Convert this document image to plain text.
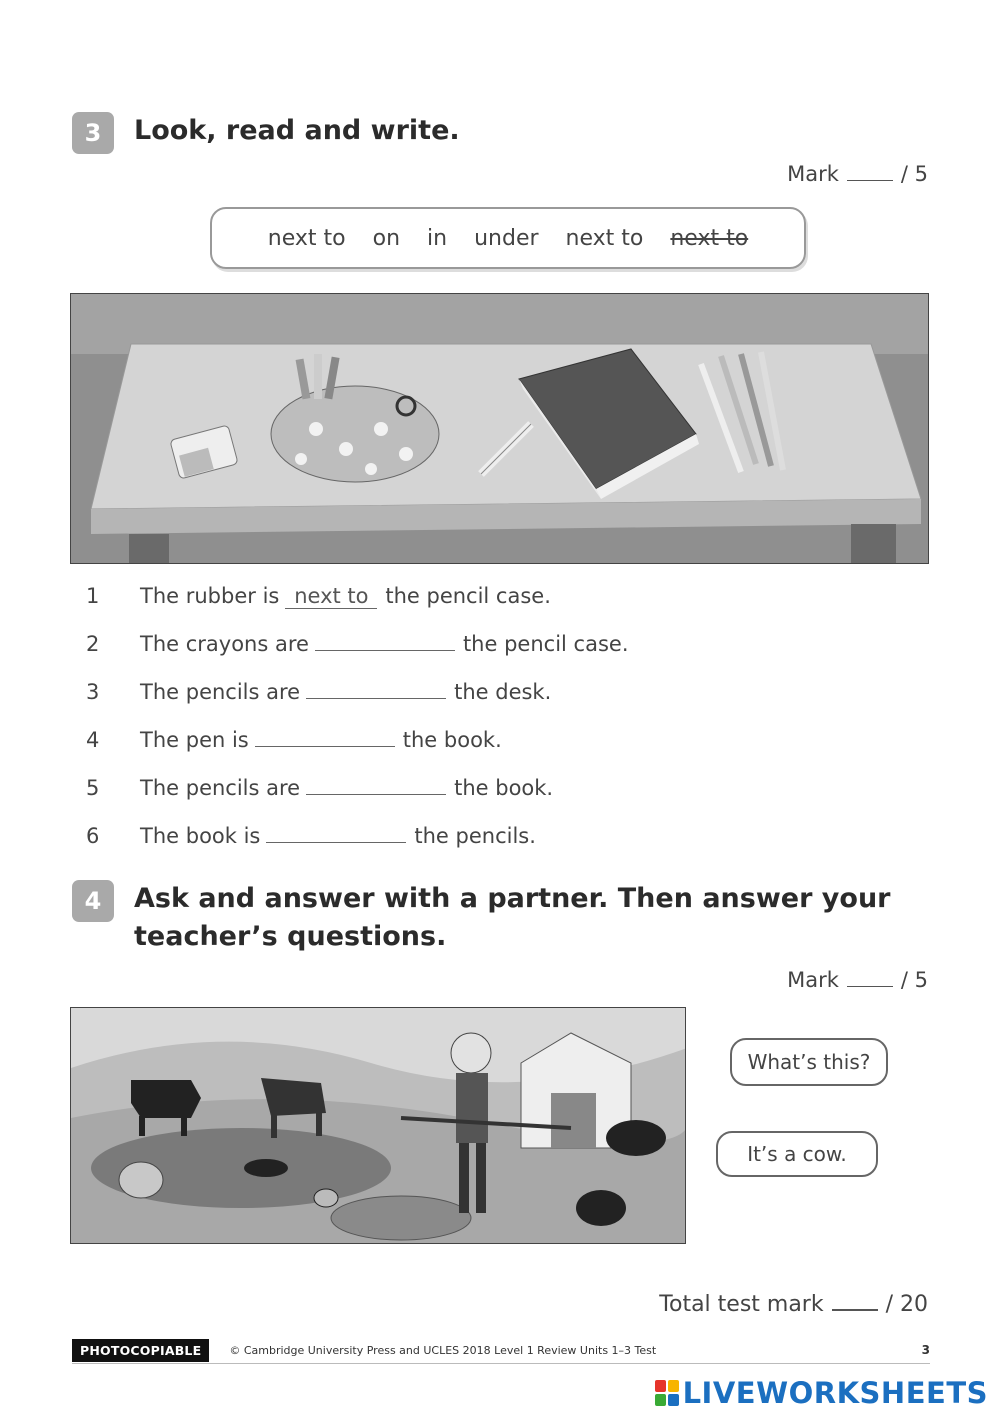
3	Look, read and write.
Mark	/ 5
next to on in under next to next to
1	The rubber is next to the pencil case.
2	The crayons are	the pencil case.
3	The pencils are	the desk.
4	The pen is	the book.
5	The pencils are	the book.
6	The book is	the pencils.
4	Ask and answer with a partner. Then answer your
teacher’s questions.
Mark	/ 5
What’s this?
It’s a cow.
Total test mark	/ 20
PHOTOCOPIABLE	© Cambridge University Press and UCLES 2018 Level 1 Review Units 1–3 Test	3
LIVEWORKSHEETS
